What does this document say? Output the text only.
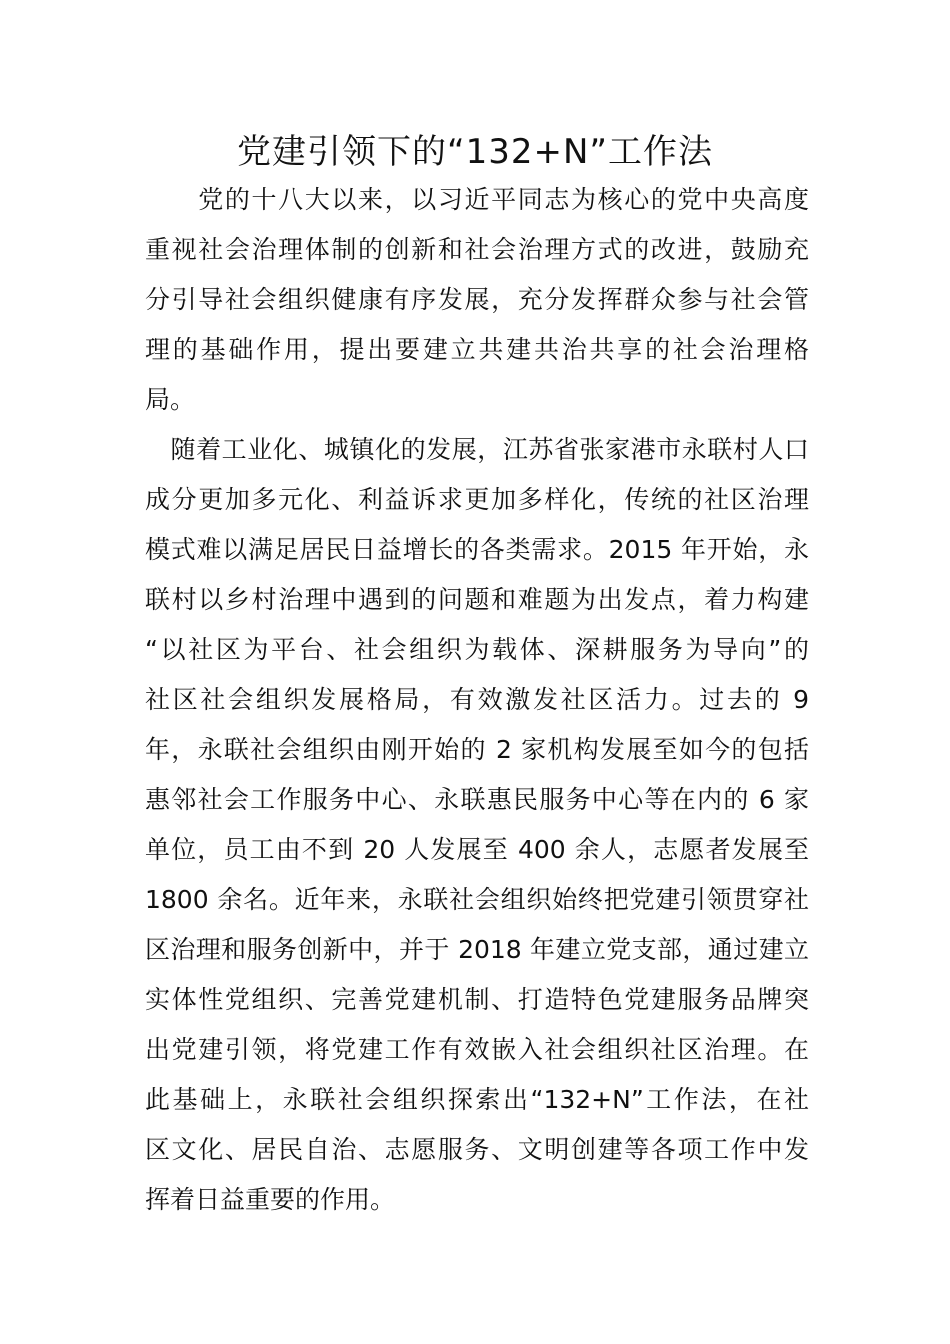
党建引领下的“132+N”工作法
　　党的十八大以来，以习近平同志为核心的党中央高度
重视社会治理体制的创新和社会治理方式的改进，鼓励充
分引导社会组织健康有序发展，充分发挥群众参与社会管
理的基础作用，提出要建立共建共治共享的社会治理格
局。
　随着工业化、城镇化的发展，江苏省张家港市永联村人口
成分更加多元化、利益诉求更加多样化，传统的社区治理
模式难以满足居民日益增长的各类需求。2015 年开始，永
联村以乡村治理中遇到的问题和难题为出发点，着力构建
“以社区为平台、社会组织为载体、深耕服务为导向”的
社区社会组织发展格局，有效激发社区活力。过去的 9
年，永联社会组织由刚开始的 2 家机构发展至如今的包括
惠邻社会工作服务中心、永联惠民服务中心等在内的 6 家
单位，员工由不到 20 人发展至 400 余人，志愿者发展至
1800 余名。近年来，永联社会组织始终把党建引领贯穿社
区治理和服务创新中，并于 2018 年建立党支部，通过建立
实体性党组织、完善党建机制、打造特色党建服务品牌突
出党建引领，将党建工作有效嵌入社会组织社区治理。在
此基础上，永联社会组织探索出“132+N”工作法，在社
区文化、居民自治、志愿服务、文明创建等各项工作中发
挥着日益重要的作用。
